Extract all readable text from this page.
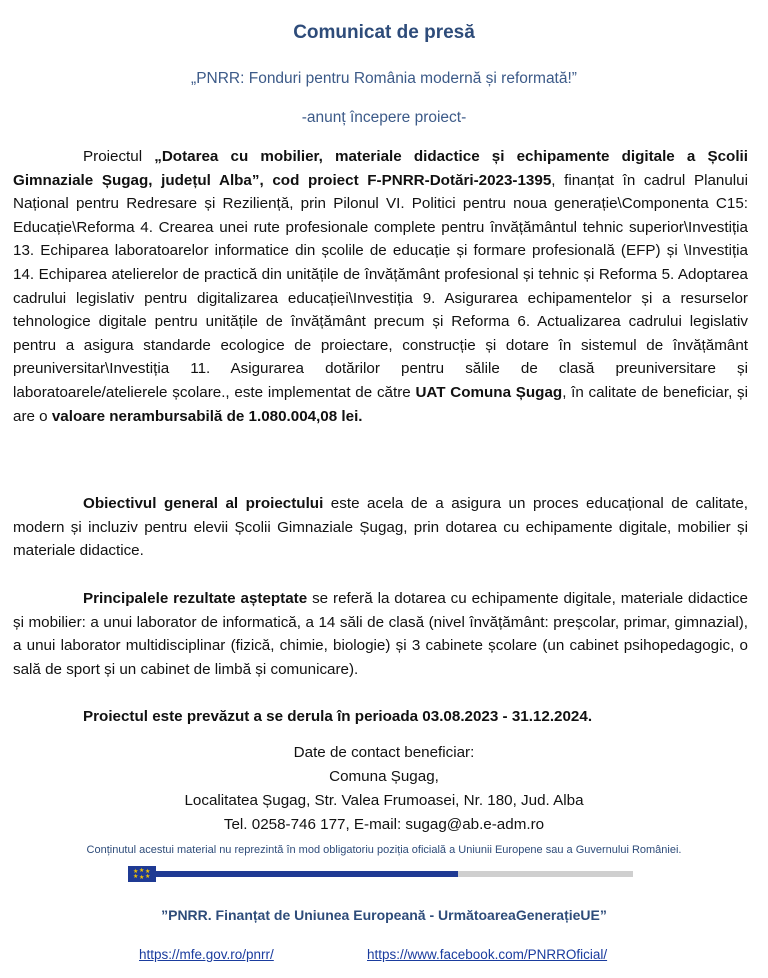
Comunicat de presă
„PNRR: Fonduri pentru România modernă și reformată!”
-anunț începere proiect-
Proiectul „Dotarea cu mobilier, materiale didactice și echipamente digitale a Școlii Gimnaziale Șugag, județul Alba”, cod proiect F-PNRR-Dotări-2023-1395, finanțat în cadrul Planului Național pentru Redresare și Reziliență, prin Pilonul VI. Politici pentru noua generație\Componenta C15: Educație\Reforma 4. Crearea unei rute profesionale complete pentru învățământul tehnic superior\Investiția 13. Echiparea laboratoarelor informatice din școlile de educație și formare profesională (EFP) și \Investiția 14. Echiparea atelierelor de practică din unitățile de învățământ profesional și tehnic și Reforma 5. Adoptarea cadrului legislativ pentru digitalizarea educației\Investiția 9. Asigurarea echipamentelor și a resurselor tehnologice digitale pentru unitățile de învățământ precum și Reforma 6. Actualizarea cadrului legislativ pentru a asigura standarde ecologice de proiectare, construcție și dotare în sistemul de învățământ preuniversitar\Investiția 11. Asigurarea dotărilor pentru sălile de clasă preuniversitare și laboratoarele/atelierele școlare., este implementat de către UAT Comuna Șugag, în calitate de beneficiar, și are o valoare nerambursabilă de 1.080.004,08 lei.
Obiectivul general al proiectului este acela de a asigura un proces educațional de calitate, modern și incluziv pentru elevii Școlii Gimnaziale Șugag, prin dotarea cu echipamente digitale, mobilier și materiale didactice.
Principalele rezultate așteptate se referă la dotarea cu echipamente digitale, materiale didactice și mobilier: a unui laborator de informatică, a 14 săli de clasă (nivel învățământ: preșcolar, primar, gimnazial), a unui laborator multidisciplinar (fizică, chimie, biologie) și 3 cabinete școlare (un cabinet psihopedagogic, o sală de sport și un cabinet de limbă și comunicare).
Proiectul este prevăzut a se derula în perioada 03.08.2023 - 31.12.2024.
Date de contact beneficiar:
Comuna Șugag,
Localitatea Șugag, Str. Valea Frumoasei, Nr. 180, Jud. Alba
Tel. 0258-746 177, E-mail: sugag@ab.e-adm.ro
Conținutul acestui material nu reprezintă în mod obligatoriu poziția oficială a Uniunii Europene sau a Guvernului României.
★ ★ ★
★ ★ ★
”PNRR. Finanțat de Uniunea Europeană - UrmătoareaGenerațieUE”
https://mfe.gov.ro/pnrr/	https://www.facebook.com/PNRROficial/
